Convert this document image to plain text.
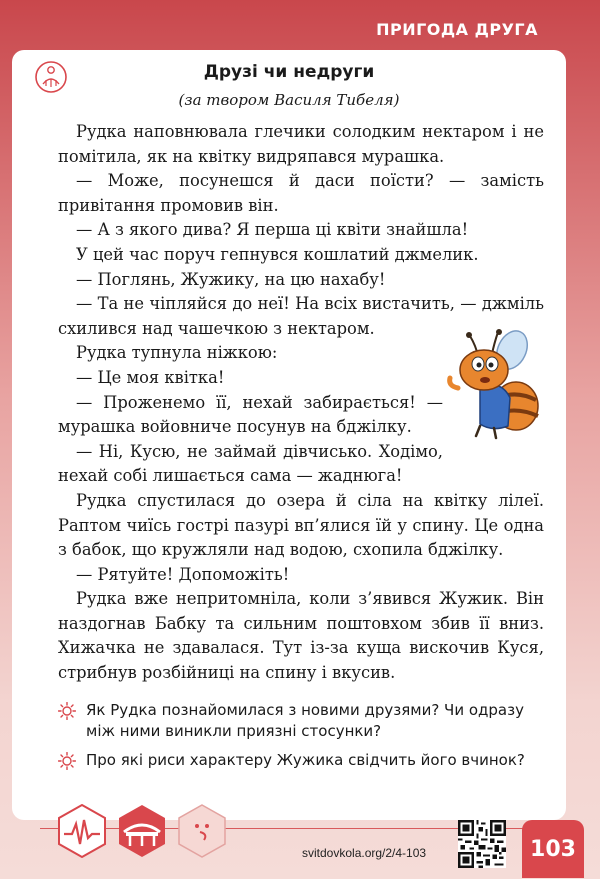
ПРИГОДА ДРУГА
Друзі чи недруги
(за твором Василя Тибеля)

Рудка наповнювала глечики солодким нектаром і не помітила, як на квітку видряпався мурашка.

— Може, посунешся й даси поїсти? — замість привітання промовив він.

— А з якого дива? Я перша ці квіти знайшла!

У цей час поруч гепнувся кошлатий джмелик.

— Поглянь, Жужику, на цю нахабу!

— Та не чіпляйся до неї! На всіх вистачить, — джміль схилився над чашечкою з нектаром.

Рудка тупнула ніжкою:

— Це моя квітка!

— Проженемо її, нехай забирається! — мурашка войовниче посунув на бджілку.

— Ні, Кусю, не займай дівчисько. Ходімо, нехай собі лишається сама — жаднюга!

Рудка спустилася до озера й сіла на квітку лілеї. Раптом чиїсь гострі пазурі вп’ялися їй у спину. Це одна з бабок, що кружляли над водою, схопила бджілку.

— Рятуйте! Допоможіть!

Рудка вже непритомніла, коли з’явився Жужик. Він наздогнав Бабку та сильним поштовхом збив її вниз. Хижачка не здавалася. Тут із-за куща вискочив Куся, стрибнув розбійниці на спину і вкусив.

Як Рудка познайомилася з новими друзями? Чи одразу між ними виникли приязні стосунки?
Про які риси характеру Жужика свідчить його вчинок?
svitdovkola.org/2/4-103	103
